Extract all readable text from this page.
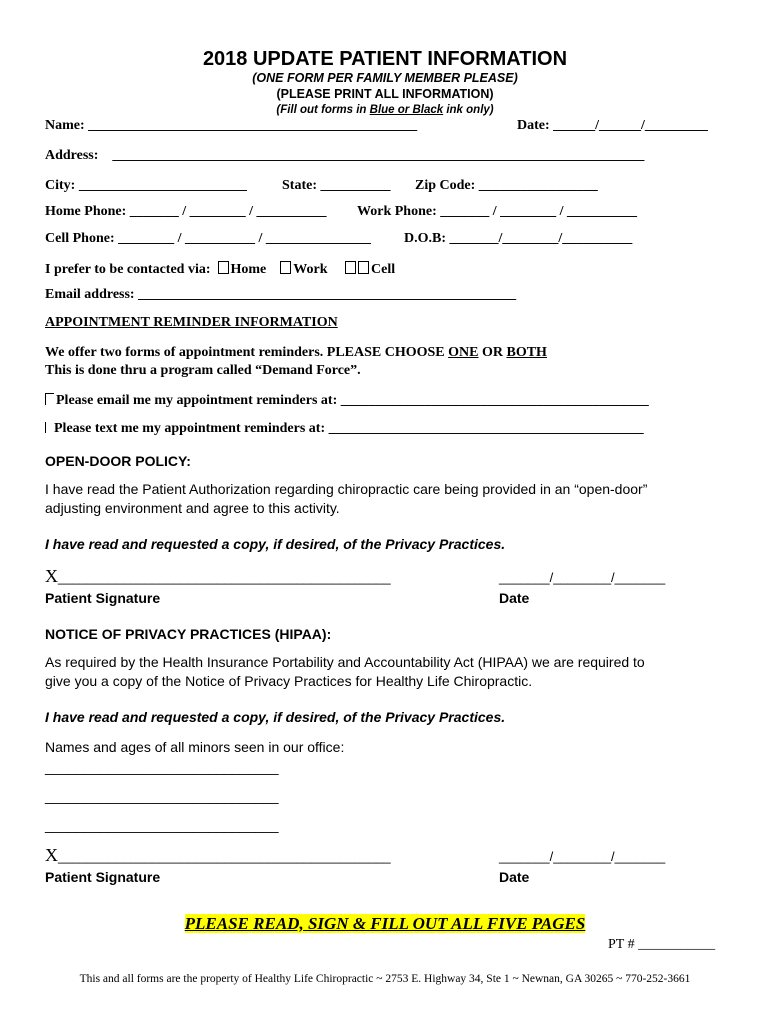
2018 UPDATE PATIENT INFORMATION
(ONE FORM PER FAMILY MEMBER PLEASE)
(PLEASE PRINT ALL INFORMATION)
(Fill out forms in Blue or Black ink only)
Name: _______________________________________________	Date: ______/______/_________
Address: ____________________________________________________________________________
City: ________________________	State: __________ Zip Code: _________________
Home Phone: _______ / ________ / __________ Work Phone: _______ / ________ / __________
Cell Phone: ________ / __________ / _______________ D.O.B: _______/________/__________
I prefer to be contacted via: Home Work	Cell
Email address: ______________________________________________________
APPOINTMENT REMINDER INFORMATION
We offer two forms of appointment reminders. PLEASE CHOOSE ONE OR BOTH
This is done thru a program called “Demand Force”.
Please email me my appointment reminders at: ____________________________________________
Please text me my appointment reminders at: _____________________________________________
OPEN-DOOR POLICY:
I have read the Patient Authorization regarding chiropractic care being provided in an “open-door”
adjusting environment and agree to this activity.
I have read and requested a copy, if desired, of the Privacy Practices.
X______________________________________________	_______/________/_______
Patient Signature	Date
NOTICE OF PRIVACY PRACTICES (HIPAA):
As required by the Health Insurance Portability and Accountability Act (HIPAA) we are required to
give you a copy of the Notice of Privacy Practices for Healthy Life Chiropractic.
I have read and requested a copy, if desired, of the Privacy Practices.
Names and ages of all minors seen in our office:
______________________________
______________________________
______________________________
X______________________________________________	_______/________/_______
Patient Signature	Date
PLEASE READ, SIGN & FILL OUT ALL FIVE PAGES
PT # ___________
This and all forms are the property of Healthy Life Chiropractic ~ 2753 E. Highway 34, Ste 1 ~ Newnan, GA 30265 ~ 770-252-3661
